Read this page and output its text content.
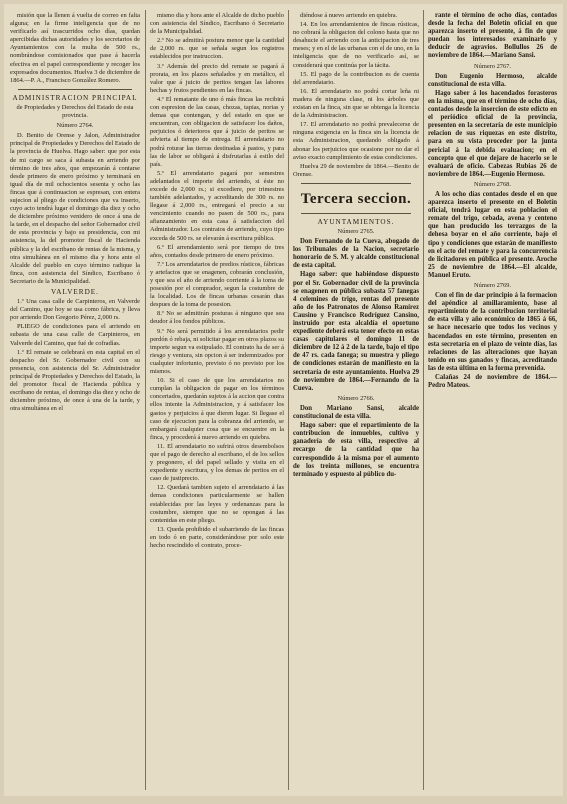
misión que la llenen á vuelta de correo en falta alguna; en la firme inteligencia que de no verificarlo así trascurridos ocho días, quedan apercibidas dichas autoridades y los secretarios de Ayuntamientos con la multa de 500 rs., nombrándose comisionados que pase á hacerla efectiva en el papel correspondiente y recoger los expresados documentos. Huelva 3 de diciembre de 1864.—P. A., Francisco González Romero.

ADMINISTRACION PRINCIPAL

de Propiedades y Derechos del Estado de esta provincia.

Número 2764.

D. Benito de Orense y Jalon, Administrador principal de Propiedades y Derechos del Estado de la provincia de Huelva. Hago saber: que por esta de mi cargo se saca á subasta en arriendo por término de tres años, que empezarán á contarse desde primero de enero próximo y terminará en igual día de mil ochocientos sesenta y ocho las fincas que á continuacion se espresan, con entera sujecion al pliego de condiciones que va inserto, cuyo acto tendrá lugar el domingo dia diez y ocho de diciembre próximo venidero de once á una de la tarde, en el despacho del señor Gobernador civil de esta provincia y bajo su presidencia, con mi asistencia, la del promotor fiscal de Hacienda pública y la del escribano de rentas de la misma, y otra simultánea en el mismo dia y hora ante el Alcalde del pueblo en cuyo término radique la finca, con asistencia del Síndico, Escribano ó Secretario de la Municipalidad.

VALVERDE.

1.º Una casa calle de Carpinteros, en Valverde del Camino, que hoy se usa como fábrica, y lleva por arriendo Don Gregorio Pérez, 2,000 rs.

PLIEGO de condiciones para el arriendo en subasta de una casa calle de Carpinteros, en Valverde del Camino, que fué de cofradías.

1.º El remate se celebrará en esta capital en el despacho del Sr. Gobernador civil con su presencia, con asistencia del Sr. Administrador principal de Propiedades y Derechos del Estado, la del promotor fiscal de Hacienda pública y escribano de rentas, el domingo dia diez y ocho de diciembre próximo, de once á una de la tarde, y otra simultánea en el

mismo dia y hora ante el Alcalde de dicho pueblo con asistencia del Síndico, Escribano ó Secretario de la Municipalidad.

2.º No se admitirá postura menor que la cantidad de 2,000 rs. que se señala segun los registros establecidos por instruccion.

3.º Además del precio del remate se pagará á prorata, en los plazos señalados y en metálico, el valor que á juicio de peritos tengan las labores hechas y frutos pendientes en las fincas.

4.º El rematante de uno ó más fincas las recibirá con espresion de las casas, chozas, tapias, norias y demas que contengan, y del estado en que se encuentran, con obligacion de satisfacer los daños, perjuicios ó deterioros que á juicio de peritos se advierta al tiempo de entrega. El arrendatario no podrá roturar las tierras destinadas á pastos, y para las de labor se obligará á disfrutarlas á estilo del país.

5.º El arrendatario pagará por semestres adelantados el importe del arriendo, si éste no excede de 2,000 rs.; si excediere, por trimestres también adelantados, y acreditando de 300 rs. no llegase á 2,000 rs., entregará el precio a su vencimiento cuando no pasen de 500 rs., para afianzamiento en esta casa á satisfaccion del Administrador. Los contratos de arriendo, cuyo tipo exceda de 500 rs. se elevarán á escritura pública.

6.º El arrendamiento será por tiempo de tres años, contados desde primero de enero próximo.

7.º Los arrendatarios de predios rústicos, fábricas y artefactos que se enagenen, cobrarán conclusión, y que sea el año de arriendo corriente á la toma de posesión por el comprador, segun la costumbre de la localidad. Los de fincas urbanas cesarán dias despues de la toma de posesion.

8.º No se admitirán posturas á ninguno que sea deudor á los fondos públicos.

9.º No será permitido á los arrendatarios pedir perdón ó rebaja, ni solicitar pagar en otros plazos su importe segun va estipulado. El contrato ha de ser á riesgo y ventura, sin opcion á ser indemnizados por cualquier infortunio, previsto ó no previsto por los mismos.

10. Si el caso de que los arrendatarios no cumplan la obligacion de pagar en los términos concertados, quedarán sujetos á la accion que contra ellos intente la Administracion, y á satisfacer los gastos y perjuicios á que dieren lugar. Si llegase el caso de ejecucion para la cobranza del arriendo, se embargará cualquier cosa que se encuentre en la finca, y procederá á nuevo arriendo en quiebra.

11. El arrendatario no sufrirá otros desembolsos que el pago de derecho al escribano, el de los sellos y pregonero, el del papel sellado y visita en el expediente y escritura, y los demas de peritos en el caso de justiprecio.

12. Quedará tambien sujeto el arrendatario á las demas condiciones particularmente se hallen establecidas por las leyes y ordenanzas para la costumbre, siempre que no se opongan á las contenidas en este pliego.

13. Queda prohibido el subarriendo de las fincas en todo ó en parte, considerándose por solo este hecho rescindido el contrato, proce-

diéndose á nuevo arriendo en quiebra.

14. En los arrendamientos de fincas rústicas, no cobrará la obligacion del colono hasta que no desahucie el arriendo con la anticipacion de tres meses; y en el de las urbanas con el de uno, en la inteligencia que de no verificarlo así, se considerará que continúa por la tácita.

15. El pago de la contribucion es de cuenta del arrendatario.

16. El arrendatario no podrá cortar leña ni madera de ninguna clase, ni los árboles que existan en la finca, sin que se obtenga la licencia de la Administracion.

17. El arrendatario no podrá prevalecerse de ninguna exigencia en la finca sin la licencia de esta Administracion, quedando obligado á abonar los perjuicios que ocasione por no dar el aviso exacto cumplimiento de estas condiciones.

Huelva 29 de noviembre de 1864.—Benito de Orense.

Tercera seccion.

AYUNTAMIENTOS.

Número 2765.

Don Fernando de la Cueva, abogado de los Tribunales de la Nacion, secretario honorario de S. M. y alcalde constitucional de esta capital.

Hago saber: que habiéndose dispuesto por el Sr. Gobernador civil de la provincia se enagenen en pública subasta 57 fanegas 4 celemines de trigo, rentas del presente año de los Patronatos de Alonso Ramírez Causino y Francisco Rodríguez Cansino, instruido por esta alcaldía el oportuno expediente deberá esta tener efecto en estas casas capitulares el domingo 11 de diciembre de 12 á 2 de la tarde, bajo el tipo de 47 rs. cada fanega; su muestra y pliego de condiciones estarán de manifiesto en la secretaría de este ayuntamiento. Huelva 29 de noviembre de 1864.—Fernando de la Cueva.

Número 2766.

Don Mariano Sansi, alcalde constitucional de esta villa.

Hago saber: que el repartimiento de la contribucion de inmuebles, cultivo y ganadería de esta villa, respectivo al recargo de la cantidad que ha correspondido á la misma por el aumento de los treinta millones, se encuentra terminado y espuesto al público du-

rante el término de ocho días, contados desde la fecha del Boletín oficial en que aparezca inserto el presente, á fin de que puedan los interesados examinarlo y deducir de agravios. Bollullos 26 de noviembre de 1864.—Mariano Sansi.

Número 2767.

Don Eugenio Hermoso, alcalde constitucional de esta villa.

Hago saber á los hacendados forasteros en la misma, que en el término de ocho días, contados desde la insercion de este edicto en el periódico oficial de la provincia, presenten en la secretaría de este municipio relacion de sus riquezas en este distrito, para en su vista proceder por la junta pericial á la debida evaluacion; en el concepto que el que dejare de hacerlo se le evaluará de oficio. Cabezas Rubias 26 de noviembre de 1864.—Eugenio Hermoso.

Número 2768.

A los ocho días contados desde el en que aparezca inserto el presente en el Boletín oficial, tendrá lugar en esta poblacion el remate del trigo, cebada, avena y centeno que han producido los terrazgos de la dehesa boyar en el año corriente, bajo el tipo y condiciones que estarán de manifiesto en el acto del remate y para la concurrencia de licitadores en pública el presente. Aroche 25 de noviembre de 1864.—El alcalde, Manuel Eruto.

Número 2769.

Con el fin de dar principio á la formacion del apéndice al amillaramiento, base al repartimiento de la contribucion territorial de esta villa y año económico de 1865 á 66, se hace necesario que todos los vecinos y hacendados en este término, presenten en esta secretaría en el plazo de veinte días, las relaciones de las alteraciones que hayan tenido en sus ganados y fincas, acreditando las de esta última en la forma prevenida.

Calañas 24 de noviembre de 1864.—Pedro Mateos.
